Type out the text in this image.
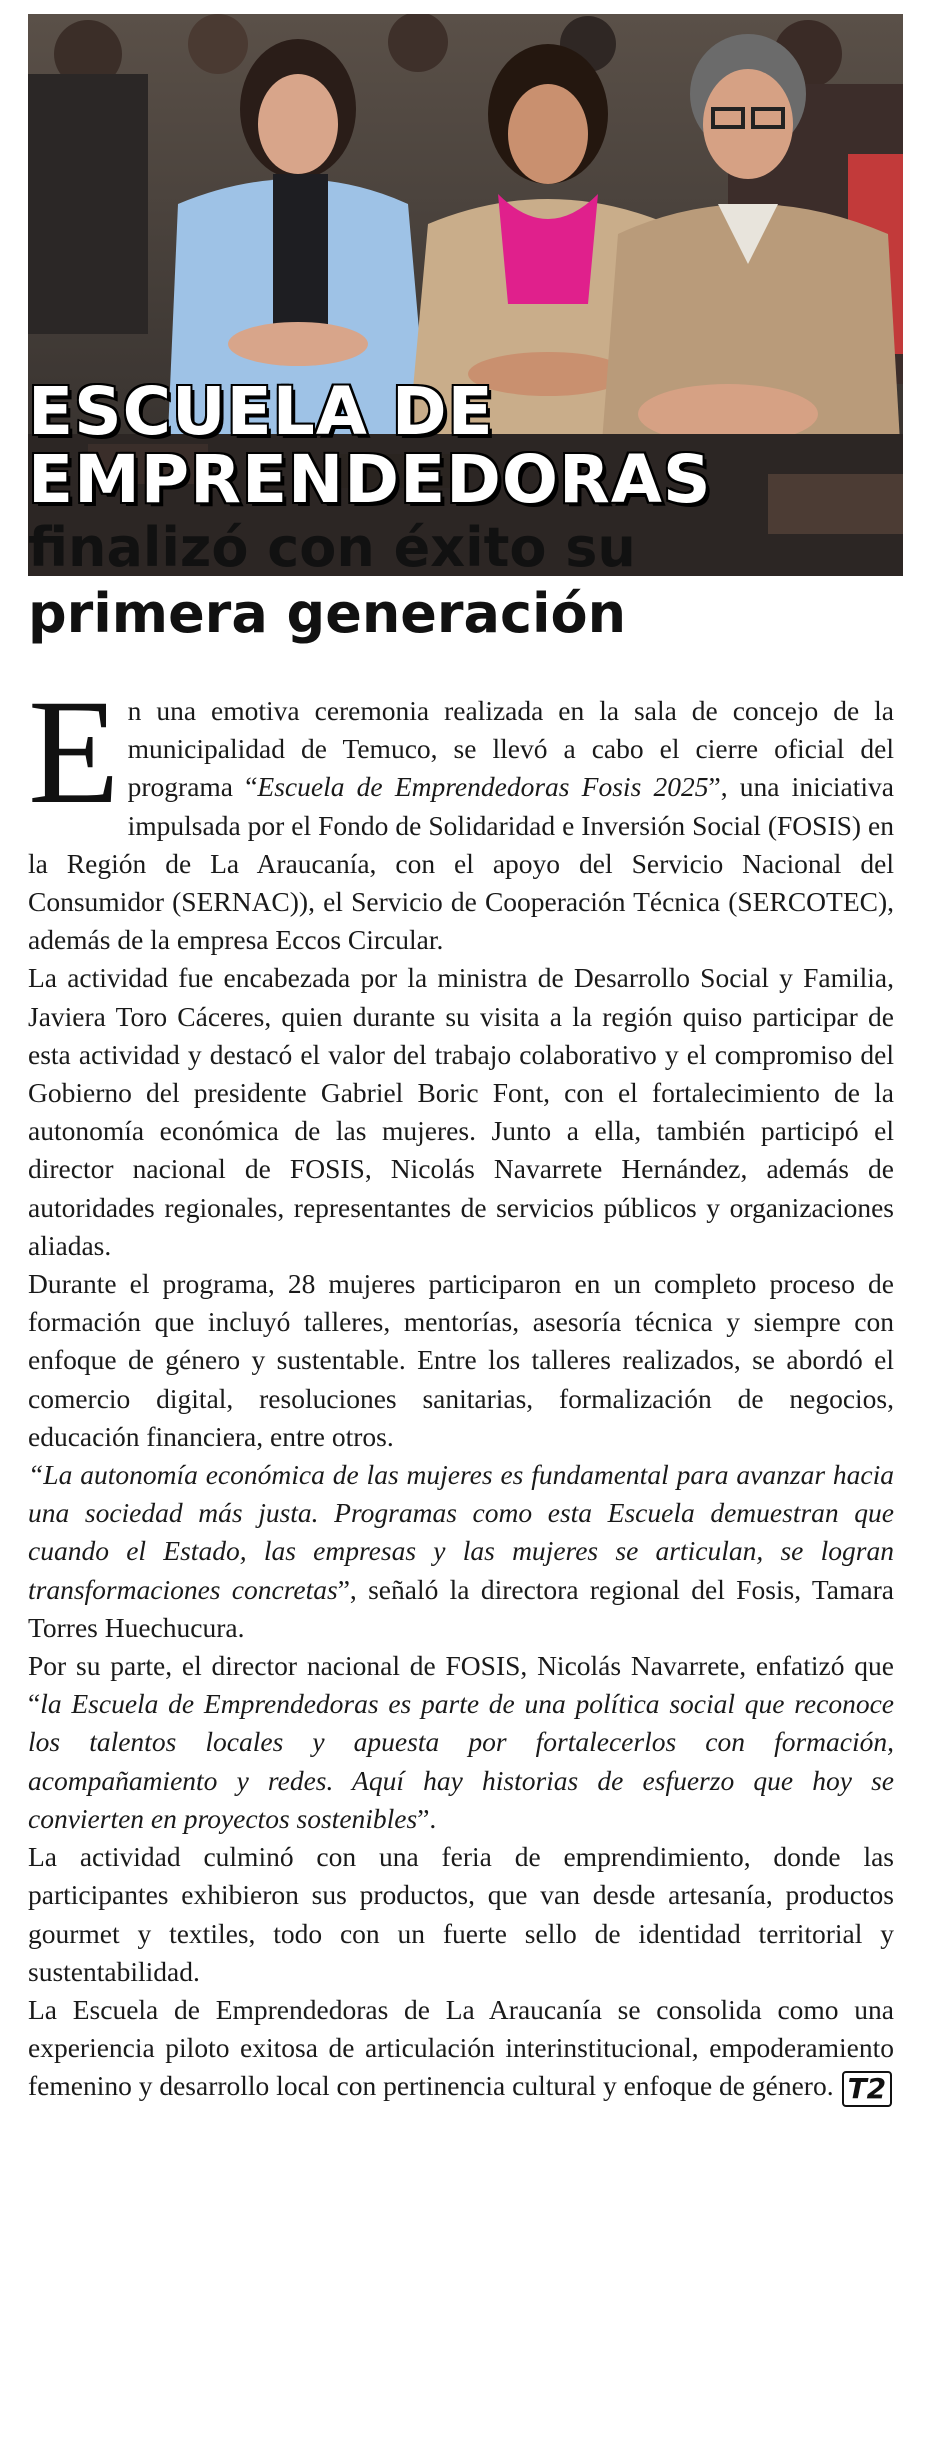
ESCUELA DE
EMPRENDEDORAS
finalizó con éxito su
primera generación

En una emotiva ceremonia realizada en la sala de concejo de la municipalidad de Temuco, se llevó a cabo el cierre oficial del programa “Escuela de Emprendedoras Fosis 2025”, una iniciativa impulsada por el Fondo de Solidaridad e Inversión Social (FOSIS) en la Región de La Araucanía, con el apoyo del Servicio Nacional del Consumidor (SERNAC)), el Servicio de Cooperación Técnica (SERCOTEC), además de la empresa Eccos Circular.

La actividad fue encabezada por la ministra de Desarrollo Social y Familia, Javiera Toro Cáceres, quien durante su visita a la región quiso participar de esta actividad y destacó el valor del trabajo colaborativo y el compromiso del Gobierno del presidente Gabriel Boric Font, con el fortalecimiento de la autonomía económica de las mujeres. Junto a ella, también participó el director nacional de FOSIS, Nicolás Navarrete Hernández, además de autoridades regionales, representantes de servicios públicos y organizaciones aliadas.

Durante el programa, 28 mujeres participaron en un completo proceso de formación que incluyó talleres, mentorías, asesoría técnica y siempre con enfoque de género y sustentable. Entre los talleres realizados, se abordó el comercio digital, resoluciones sanitarias, formalización de negocios, educación financiera, entre otros.

“La autonomía económica de las mujeres es fundamental para avanzar hacia una sociedad más justa. Programas como esta Escuela demuestran que cuando el Estado, las empresas y las mujeres se articulan, se logran transformaciones concretas”, señaló la directora regional del Fosis, Tamara Torres Huechucura.

Por su parte, el director nacional de FOSIS, Nicolás Navarrete, enfatizó que “la Escuela de Emprendedoras es parte de una política social que reconoce los talentos locales y apuesta por fortalecerlos con formación, acompañamiento y redes. Aquí hay historias de esfuerzo que hoy se convierten en proyectos sostenibles”.

La actividad culminó con una feria de emprendimiento, donde las participantes exhibieron sus productos, que van desde artesanía, productos gourmet y textiles, todo con un fuerte sello de identidad territorial y sustentabilidad.

La Escuela de Emprendedoras de La Araucanía se consolida como una experiencia piloto exitosa de articulación interinstitucional, empoderamiento femenino y desarrollo local con pertinencia cultural y enfoque de género. T2
